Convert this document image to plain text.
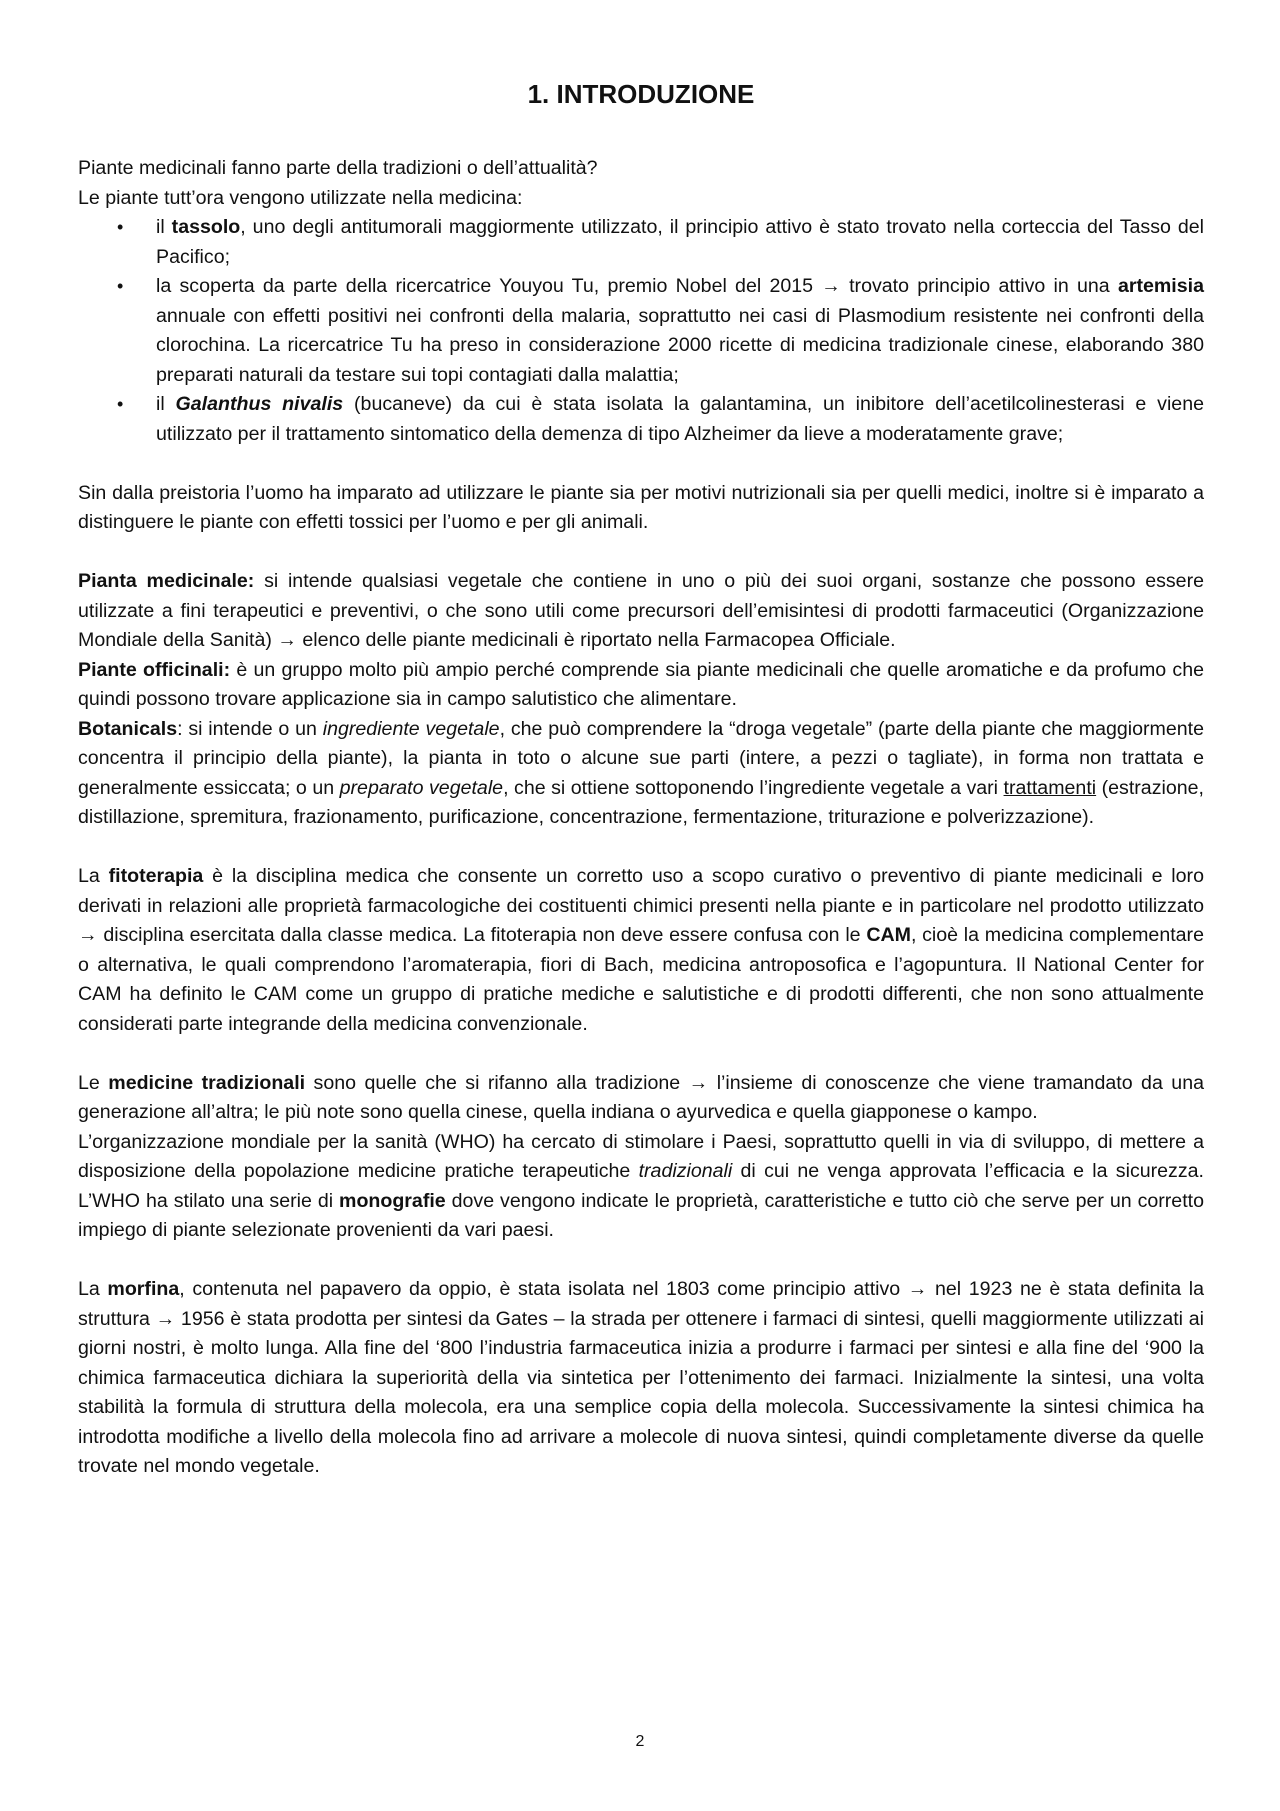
1. INTRODUZIONE

Piante medicinali fanno parte della tradizioni o dell’attualità?

Le piante tutt’ora vengono utilizzate nella medicina:

• il tassolo, uno degli antitumorali maggiormente utilizzato, il principio attivo è stato trovato nella corteccia del Tasso del Pacifico;
• la scoperta da parte della ricercatrice Youyou Tu, premio Nobel del 2015 → trovato principio attivo in una artemisia annuale con effetti positivi nei confronti della malaria, soprattutto nei casi di Plasmodium resistente nei confronti della clorochina. La ricercatrice Tu ha preso in considerazione 2000 ricette di medicina tradizionale cinese, elaborando 380 preparati naturali da testare sui topi contagiati dalla malattia;
• il Galanthus nivalis (bucaneve) da cui è stata isolata la galantamina, un inibitore dell’acetilcolinesterasi e viene utilizzato per il trattamento sintomatico della demenza di tipo Alzheimer da lieve a moderatamente grave;

Sin dalla preistoria l’uomo ha imparato ad utilizzare le piante sia per motivi nutrizionali sia per quelli medici, inoltre si è imparato a distinguere le piante con effetti tossici per l’uomo e per gli animali.

Pianta medicinale: si intende qualsiasi vegetale che contiene in uno o più dei suoi organi, sostanze che possono essere utilizzate a fini terapeutici e preventivi, o che sono utili come precursori dell’emisintesi di prodotti farmaceutici (Organizzazione Mondiale della Sanità) → elenco delle piante medicinali è riportato nella Farmacopea Officiale.

Piante officinali: è un gruppo molto più ampio perché comprende sia piante medicinali che quelle aromatiche e da profumo che quindi possono trovare applicazione sia in campo salutistico che alimentare.

Botanicals: si intende o un ingrediente vegetale, che può comprendere la “droga vegetale” (parte della piante che maggiormente concentra il principio della piante), la pianta in toto o alcune sue parti (intere, a pezzi o tagliate), in forma non trattata e generalmente essiccata; o un preparato vegetale, che si ottiene sottoponendo l’ingrediente vegetale a vari trattamenti (estrazione, distillazione, spremitura, frazionamento, purificazione, concentrazione, fermentazione, triturazione e polverizzazione).

La fitoterapia è la disciplina medica che consente un corretto uso a scopo curativo o preventivo di piante medicinali e loro derivati in relazioni alle proprietà farmacologiche dei costituenti chimici presenti nella piante e in particolare nel prodotto utilizzato → disciplina esercitata dalla classe medica. La fitoterapia non deve essere confusa con le CAM, cioè la medicina complementare o alternativa, le quali comprendono l’aromaterapia, fiori di Bach, medicina antroposofica e l’agopuntura. Il National Center for CAM ha definito le CAM come un gruppo di pratiche mediche e salutistiche e di prodotti differenti, che non sono attualmente considerati parte integrande della medicina convenzionale.

Le medicine tradizionali sono quelle che si rifanno alla tradizione → l’insieme di conoscenze che viene tramandato da una generazione all’altra; le più note sono quella cinese, quella indiana o ayurvedica e quella giapponese o kampo.

L’organizzazione mondiale per la sanità (WHO) ha cercato di stimolare i Paesi, soprattutto quelli in via di sviluppo, di mettere a disposizione della popolazione medicine pratiche terapeutiche tradizionali di cui ne venga approvata l’efficacia e la sicurezza. L’WHO ha stilato una serie di monografie dove vengono indicate le proprietà, caratteristiche e tutto ciò che serve per un corretto impiego di piante selezionate provenienti da vari paesi.

La morfina, contenuta nel papavero da oppio, è stata isolata nel 1803 come principio attivo → nel 1923 ne è stata definita la struttura → 1956 è stata prodotta per sintesi da Gates – la strada per ottenere i farmaci di sintesi, quelli maggiormente utilizzati ai giorni nostri, è molto lunga. Alla fine del ‘800 l’industria farmaceutica inizia a produrre i farmaci per sintesi e alla fine del ‘900 la chimica farmaceutica dichiara la superiorità della via sintetica per l’ottenimento dei farmaci. Inizialmente la sintesi, una volta stabilità la formula di struttura della molecola, era una semplice copia della molecola. Successivamente la sintesi chimica ha introdotta modifiche a livello della molecola fino ad arrivare a molecole di nuova sintesi, quindi completamente diverse da quelle trovate nel mondo vegetale.

2
